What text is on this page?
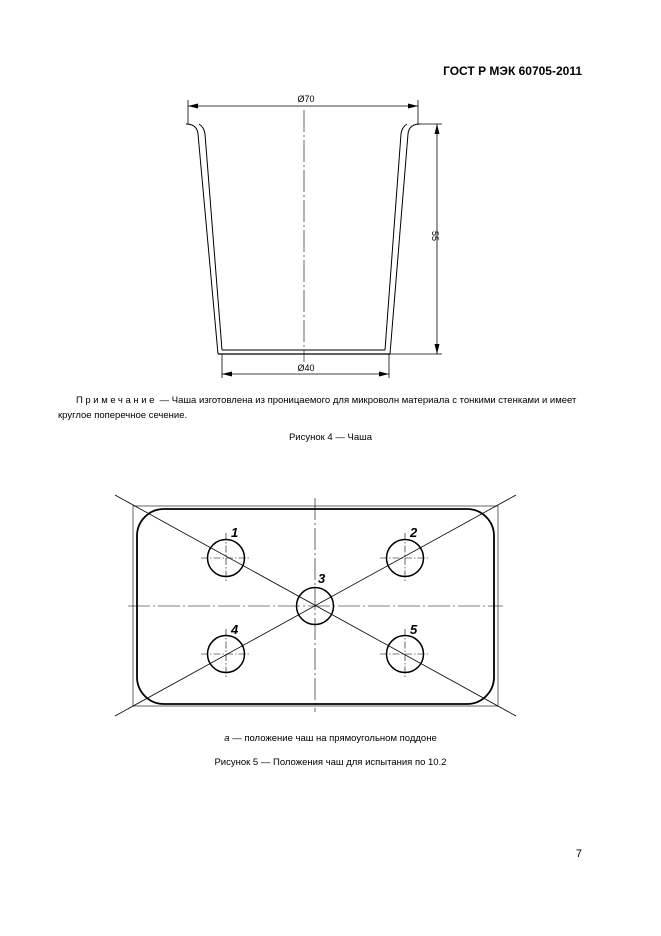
ГОСТ Р МЭК 60705-2011
Ø70
55
Ø40
Примечание — Чаша изготовлена из проницаемого для микроволн материала с тонкими стенками и имеет круглое поперечное сечение.
Рисунок 4 — Чаша
1	2
3
4	5
а — положение чаш на прямоугольном поддоне
Рисунок 5 — Положения чаш для испытания по 10.2
7
